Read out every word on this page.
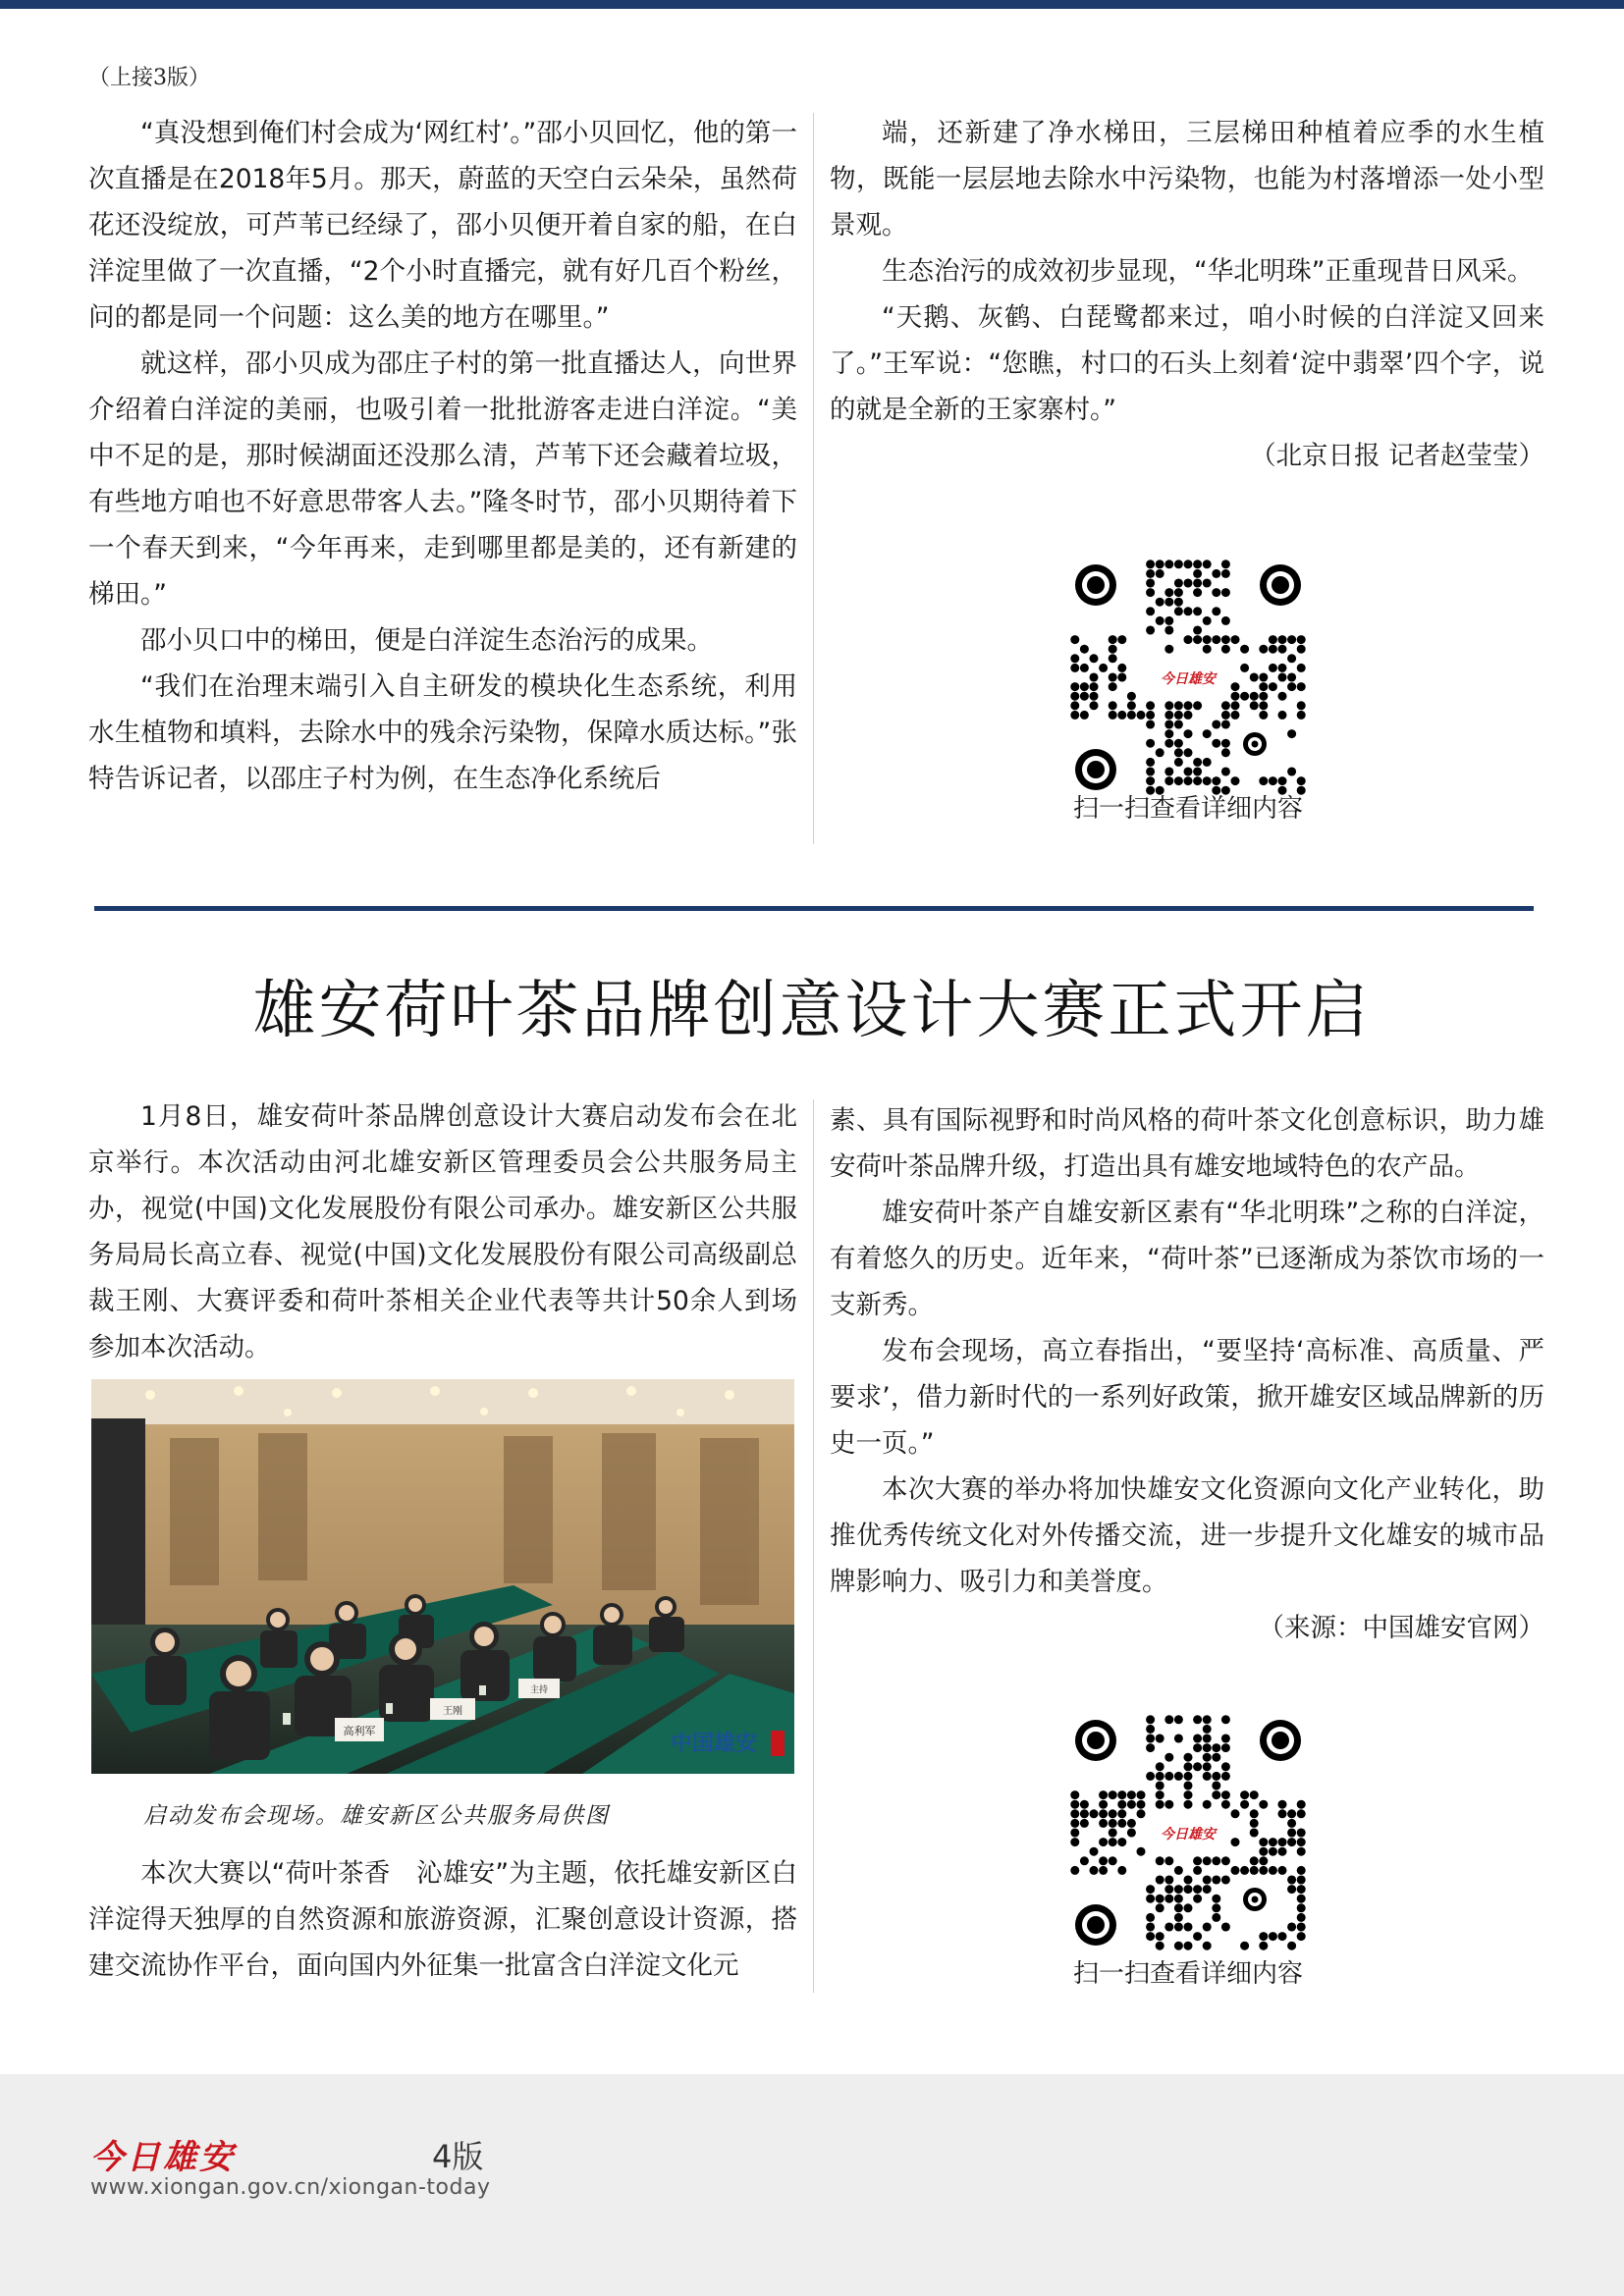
（上接3版）

“真没想到俺们村会成为‘网红村’。”邵小贝回忆，他的第一次直播是在2018年5月。那天，蔚蓝的天空白云朵朵，虽然荷花还没绽放，可芦苇已经绿了，邵小贝便开着自家的船，在白洋淀里做了一次直播，“2个小时直播完，就有好几百个粉丝，问的都是同一个问题：这么美的地方在哪里。”

就这样，邵小贝成为邵庄子村的第一批直播达人，向世界介绍着白洋淀的美丽，也吸引着一批批游客走进白洋淀。“美中不足的是，那时候湖面还没那么清，芦苇下还会藏着垃圾，有些地方咱也不好意思带客人去。”隆冬时节，邵小贝期待着下一个春天到来，“今年再来，走到哪里都是美的，还有新建的梯田。”

邵小贝口中的梯田，便是白洋淀生态治污的成果。

“我们在治理末端引入自主研发的模块化生态系统，利用水生植物和填料，去除水中的残余污染物，保障水质达标。”张特告诉记者，以邵庄子村为例，在生态净化系统后

端，还新建了净水梯田，三层梯田种植着应季的水生植物，既能一层层地去除水中污染物，也能为村落增添一处小型景观。

生态治污的成效初步显现，“华北明珠”正重现昔日风采。

“天鹅、灰鹤、白琵鹭都来过，咱小时候的白洋淀又回来了。”王军说：“您瞧，村口的石头上刻着‘淀中翡翠’四个字，说的就是全新的王家寨村。”

（北京日报 记者赵莹莹）

今日雄安
扫一扫查看详细内容
雄安荷叶茶品牌创意设计大赛正式开启

1月8日，雄安荷叶茶品牌创意设计大赛启动发布会在北京举行。本次活动由河北雄安新区管理委员会公共服务局主办，视觉(中国)文化发展股份有限公司承办。雄安新区公共服务局局长高立春、视觉(中国)文化发展股份有限公司高级副总裁王刚、大赛评委和荷叶茶相关企业代表等共计50余人到场参加本次活动。

高利军
王刚
主持
中国雄安
启动发布会现场。雄安新区公共服务局供图

本次大赛以“荷叶茶香　沁雄安”为主题，依托雄安新区白洋淀得天独厚的自然资源和旅游资源，汇聚创意设计资源，搭建交流协作平台，面向国内外征集一批富含白洋淀文化元

素、具有国际视野和时尚风格的荷叶茶文化创意标识，助力雄安荷叶茶品牌升级，打造出具有雄安地域特色的农产品。

雄安荷叶茶产自雄安新区素有“华北明珠”之称的白洋淀，有着悠久的历史。近年来，“荷叶茶”已逐渐成为茶饮市场的一支新秀。

发布会现场，高立春指出，“要坚持‘高标准、高质量、严要求’，借力新时代的一系列好政策，掀开雄安区域品牌新的历史一页。”

本次大赛的举办将加快雄安文化资源向文化产业转化，助推优秀传统文化对外传播交流，进一步提升文化雄安的城市品牌影响力、吸引力和美誉度。

（来源：中国雄安官网）

今日雄安
扫一扫查看详细内容
今日雄安	4版
www.xiongan.gov.cn/xiongan-today
